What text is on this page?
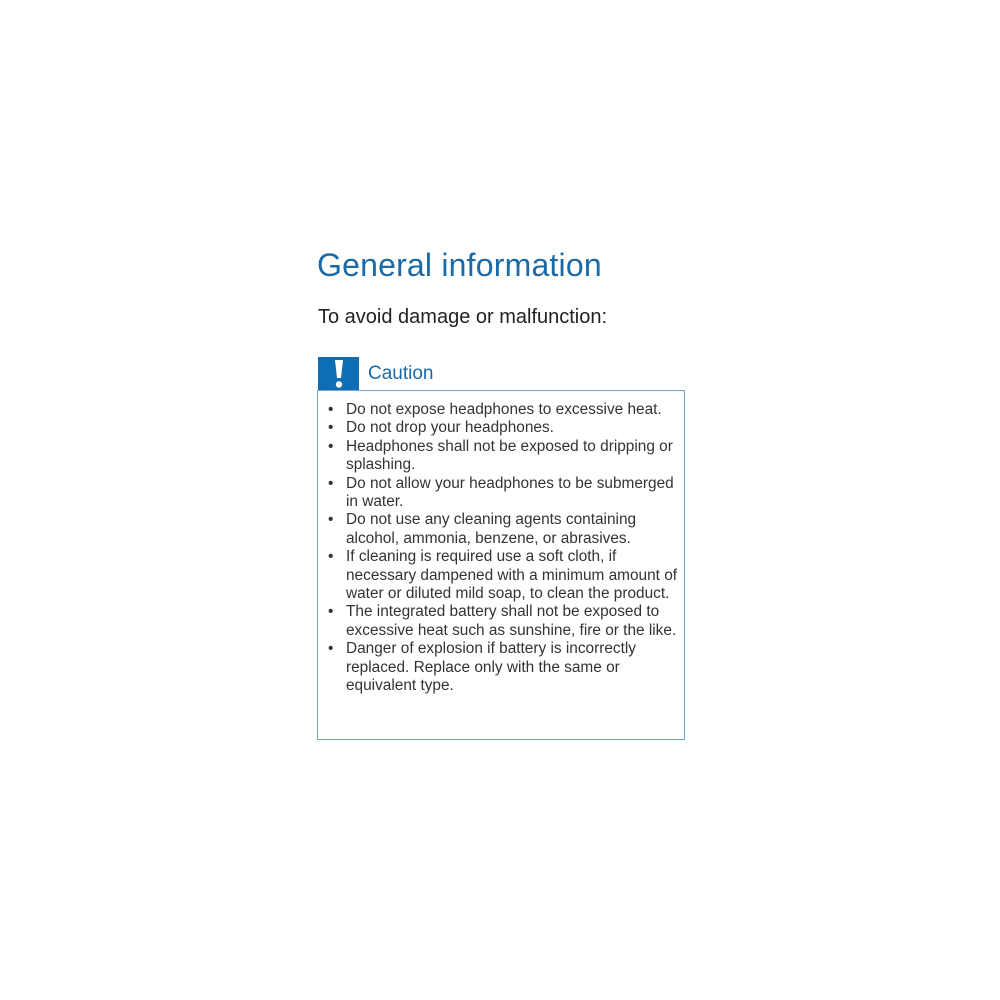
General information

To avoid damage or malfunction:

Caution
• Do not expose headphones to excessive heat.
• Do not drop your headphones.
• Headphones shall not be exposed to dripping or splashing.
• Do not allow your headphones to be submerged in water.
• Do not use any cleaning agents containing alcohol, ammonia, benzene, or abrasives.
• If cleaning is required use a soft cloth, if necessary dampened with a minimum amount of water or diluted mild soap, to clean the product.
• The integrated battery shall not be exposed to excessive heat such as sunshine, fire or the like.
• Danger of explosion if battery is incorrectly replaced. Replace only with the same or equivalent type.
